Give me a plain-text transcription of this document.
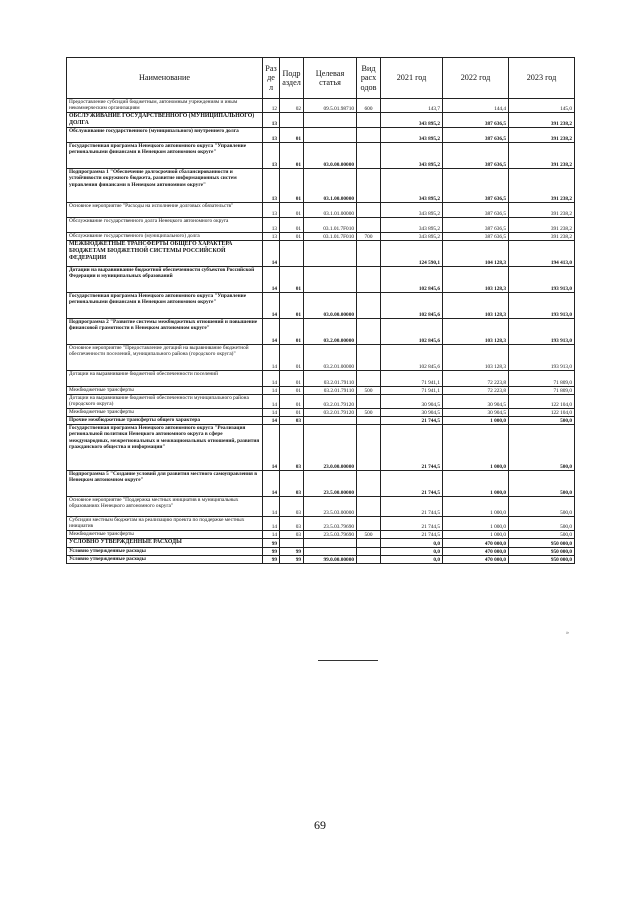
Наименование	Разде л	Подр аздел	Целевая статья	Вид расх одов	2021 год	2022 год	2023 год
Предоставление субсидий бюджетным, автономным учреждениям и иным некоммерческим организациям	12	02	09.5.01.98710	600	143,7	144,4	145,0
ОБСЛУЖИВАНИЕ ГОСУДАРСТВЕННОГО (МУНИЦИПАЛЬНОГО) ДОЛГА	13				343 895,2	387 636,5	391 238,2
Обслуживание государственного (муниципального) внутреннего долга	13	01			343 895,2	387 636,5	391 238,2
Государственная программа Ненецкого автономного округа "Управление региональными финансами в Ненецком автономном округе"	13	01	03.0.00.00000		343 895,2	387 636,5	391 238,2
Подпрограмма 1 "Обеспечение долгосрочной сбалансированности и устойчивости окружного бюджета, развитие информационных систем управления финансами в Ненецком автономном округе"	13	01	03.1.00.00000		343 895,2	387 636,5	391 238,2
Основное мероприятие "Расходы на исполнение долговых обязательств"	13	01	03.1.01.00000		343 895,2	387 636,5	391 238,2
Обслуживание государственного долга Ненецкого автономного округа	13	01	03.1.01.7F010		343 895,2	387 636,5	391 238,2
Обслуживание государственного (муниципального) долга	13	01	03.1.01.7F010	700	343 895,2	387 636,5	391 238,2
МЕЖБЮДЖЕТНЫЕ ТРАНСФЕРТЫ ОБЩЕГО ХАРАКТЕРА БЮДЖЕТАМ БЮДЖЕТНОЙ СИСТЕМЫ РОССИЙСКОЙ ФЕДЕРАЦИИ	14				124 590,1	104 128,3	194 413,0
Дотации на выравнивание бюджетной обеспеченности субъектов Российской Федерации и муниципальных образований	14	01			102 845,6	103 128,3	193 913,0
Государственная программа Ненецкого автономного округа "Управление региональными финансами в Ненецком автономном округе"	14	01	03.0.00.00000		102 845,6	103 128,3	193 913,0
Подпрограмма 2 "Развитие системы межбюджетных отношений и повышение финансовой грамотности в Ненецком автономном округе"	14	01	03.2.00.00000		102 845,6	103 128,3	193 913,0
Основное мероприятие "Предоставление дотаций на выравнивание бюджетной обеспеченности поселений, муниципального района (городского округа)"	14	01	03.2.01.00000		102 845,6	103 128,3	193 913,0
Дотации на выравнивание бюджетной обеспеченности поселений	14	01	03.2.01.79110		71 941,1	72 223,8	71 809,0
Межбюджетные трансферты	14	01	03.2.01.79110	500	71 941,1	72 223,8	71 809,0
Дотации на выравнивание бюджетной обеспеченности муниципального района (городского округа)	14	01	03.2.01.79120		30 904,5	30 904,5	122 104,0
Межбюджетные трансферты	14	01	03.2.01.79120	500	30 904,5	30 904,5	122 104,0
Прочие межбюджетные трансферты общего характера	14	03			21 744,5	1 000,0	500,0
Государственная программа Ненецкого автономного округа "Реализация региональной политики Ненецкого автономного округа в сфере международных, межрегиональных и межнациональных отношений, развития гражданского общества и информации"	14	03	23.0.00.00000		21 744,5	1 000,0	500,0
Подпрограмма 5 "Создание условий для развития местного самоуправления в Ненецком автономном округе"	14	03	23.5.00.00000		21 744,5	1 000,0	500,0
Основное мероприятие "Поддержка местных инициатив в муниципальных образованиях Ненецкого автономного округа"	14	03	23.5.03.00000		21 744,5	1 000,0	500,0
Субсидии местным бюджетам на реализацию проекта по поддержке местных инициатив	14	03	23.5.03.79690		21 744,5	1 000,0	500,0
Межбюджетные трансферты	14	03	23.5.03.79690	500	21 744,5	1 000,0	500,0
УСЛОВНО УТВЕРЖДЕННЫЕ РАСХОДЫ	99				0,0	470 000,0	950 000,0
Условно утвержденные расходы	99	99			0,0	470 000,0	950 000,0
Условно утвержденные расходы	99	99	99.0.00.00000		0,0	470 000,0	950 000,0
»
69
